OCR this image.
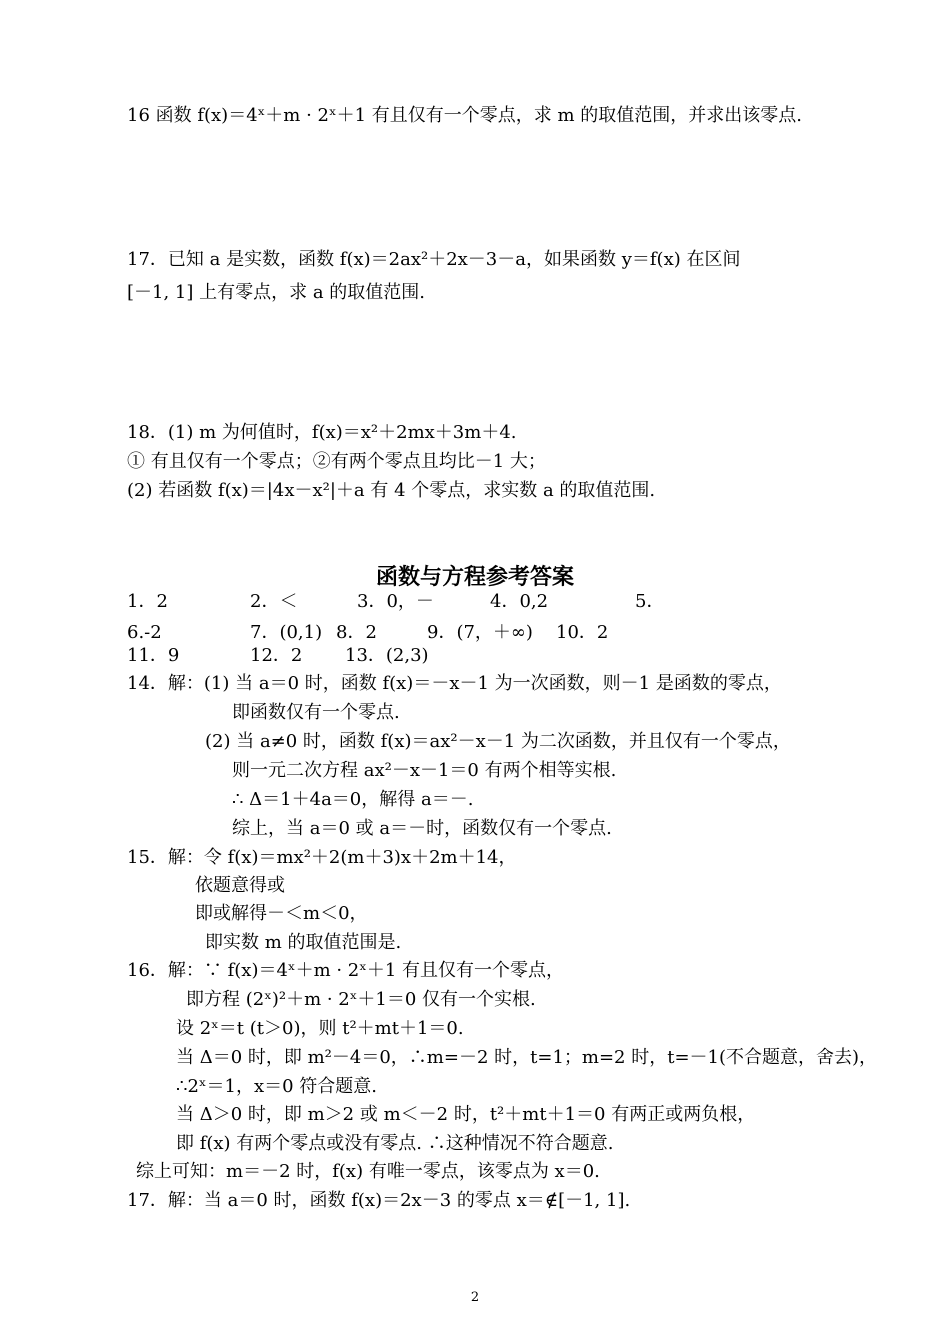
16 函数 f(x)＝4ˣ＋m · 2ˣ＋1 有且仅有一个零点，求 m 的取值范围，并求出该零点.
17．已知 a 是实数，函数 f(x)＝2ax²＋2x－3－a，如果函数 y＝f(x) 在区间
[－1, 1] 上有零点，求 a 的取值范围.
18．(1) m 为何值时，f(x)＝x²＋2mx＋3m＋4.
① 有且仅有一个零点；②有两个零点且均比－1 大；
(2) 若函数 f(x)＝|4x－x²|＋a 有 4 个零点，求实数 a 的取值范围.
函数与方程参考答案
1．2	2．＜	3．0，－	4．0,2	5．
6.-2	7．(0,1) 8．2	9．(7，＋∞) 10．2
11．9	12．2 13．(2,3)
14．解：(1) 当 a＝0 时，函数 f(x)＝－x－1 为一次函数，则－1 是函数的零点，
即函数仅有一个零点.
(2) 当 a≠0 时，函数 f(x)＝ax²－x－1 为二次函数，并且仅有一个零点，
则一元二次方程 ax²－x－1＝0 有两个相等实根.
∴ Δ＝1＋4a＝0，解得 a＝－.
综上，当 a＝0 或 a＝－时，函数仅有一个零点.
15．解：令 f(x)＝mx²＋2(m＋3)x＋2m＋14，
依题意得或
即或解得－＜m＜0，
即实数 m 的取值范围是.
16．解：∵ f(x)＝4ˣ＋m · 2ˣ＋1 有且仅有一个零点，
即方程 (2ˣ)²＋m · 2ˣ＋1＝0 仅有一个实根.
设 2ˣ＝t (t＞0)，则 t²＋mt＋1＝0.
当 Δ＝0 时，即 m²－4＝0，∴m=－2 时，t=1；m=2 时，t=－1(不合题意，舍去)，
∴2ˣ＝1，x＝0 符合题意.
当 Δ＞0 时，即 m＞2 或 m＜－2 时，t²＋mt＋1＝0 有两正或两负根，
即 f(x) 有两个零点或没有零点. ∴这种情况不符合题意.
综上可知：m＝－2 时，f(x) 有唯一零点，该零点为 x＝0.
17．解：当 a＝0 时，函数 f(x)＝2x－3 的零点 x＝∉[－1, 1].
2
